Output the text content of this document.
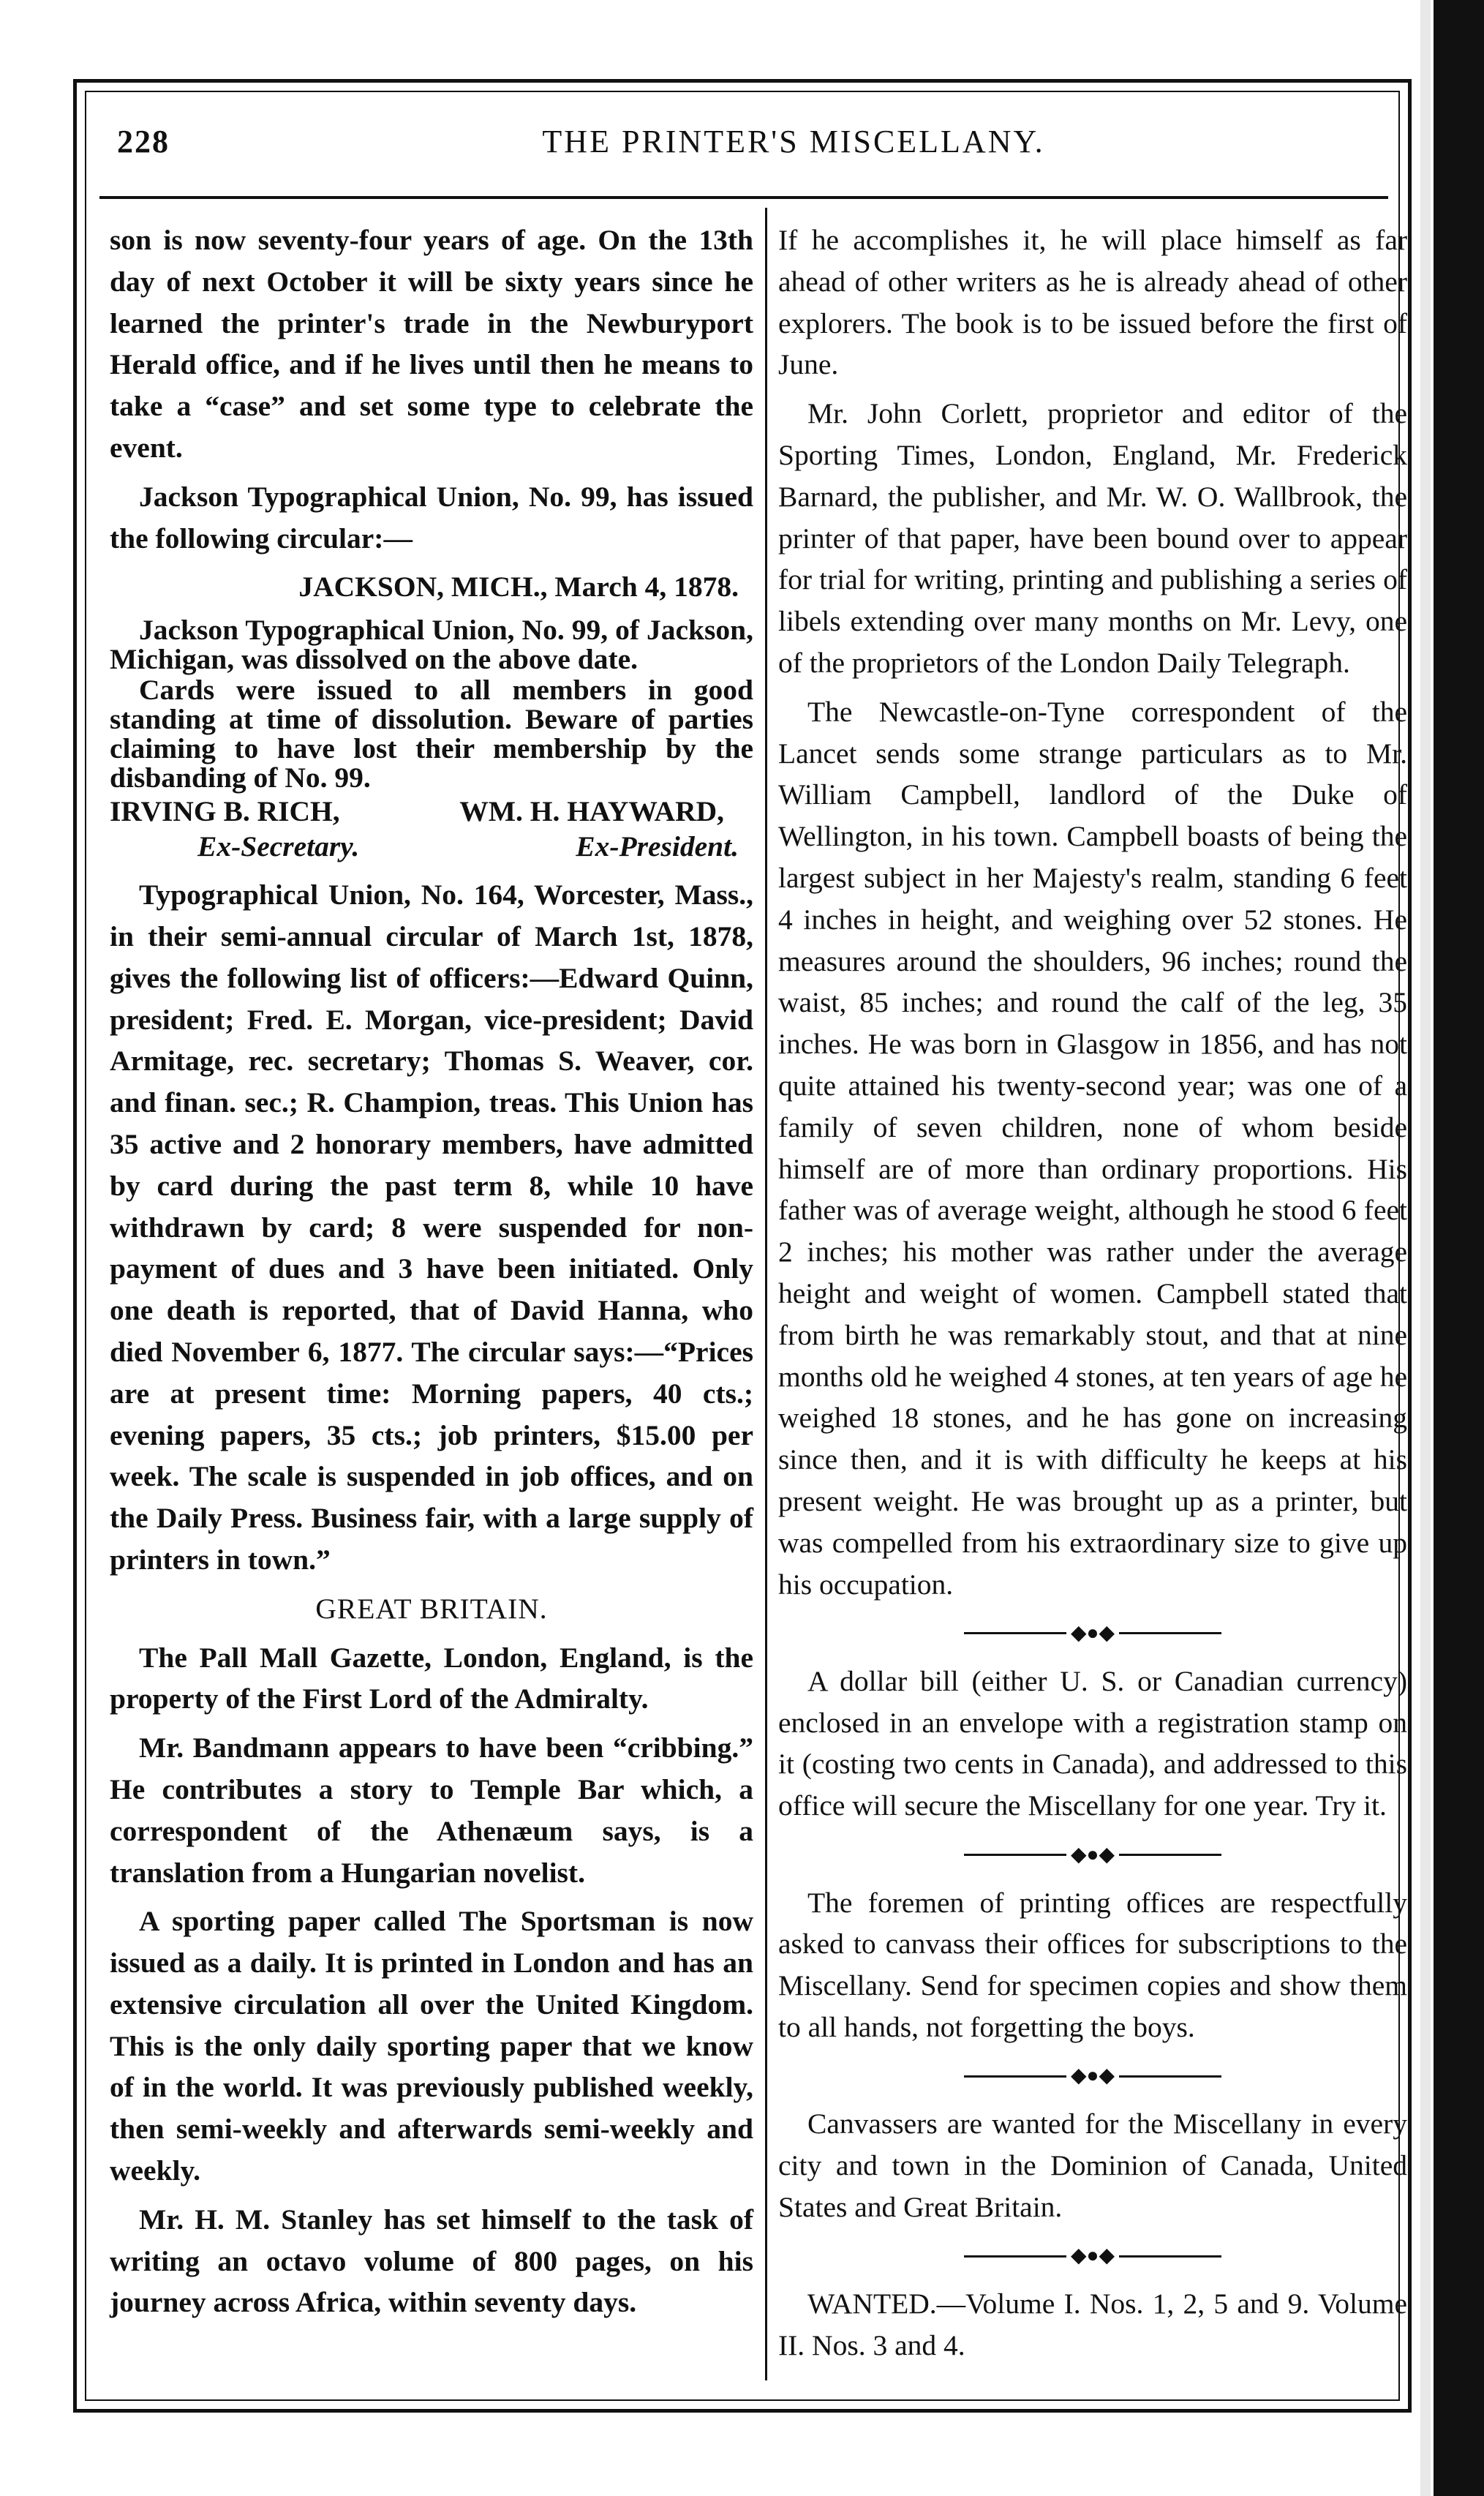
l
c
i
c
ii
228	THE PRINTER'S MISCELLANY.

son is now seventy-four years of age. On the 13th day of next October it will be sixty years since he learned the printer's trade in the Newburyport Herald office, and if he lives until then he means to take a “case” and set some type to celebrate the event.

Jackson Typographical Union, No. 99, has issued the following circular:—

JACKSON, MICH., March 4, 1878.

Jackson Typographical Union, No. 99, of Jackson, Michigan, was dissolved on the above date.

Cards were issued to all members in good standing at time of dissolution. Beware of parties claiming to have lost their membership by the disbanding of No. 99.

IRVING B. RICH,	WM. H. HAYWARD,
Ex-Secretary.	Ex-President.

Typographical Union, No. 164, Worcester, Mass., in their semi-annual circular of March 1st, 1878, gives the following list of officers:—Edward Quinn, president; Fred. E. Morgan, vice-president; David Armitage, rec. secretary; Thomas S. Weaver, cor. and finan. sec.; R. Champion, treas. This Union has 35 active and 2 honorary members, have admitted by card during the past term 8, while 10 have withdrawn by card; 8 were suspended for non-payment of dues and 3 have been initiated. Only one death is reported, that of David Hanna, who died November 6, 1877. The circular says:—“Prices are at present time: Morning papers, 40 cts.; evening papers, 35 cts.; job printers, $15.00 per week. The scale is suspended in job offices, and on the Daily Press. Business fair, with a large supply of printers in town.”

GREAT BRITAIN.

The Pall Mall Gazette, London, England, is the property of the First Lord of the Admiralty.

Mr. Bandmann appears to have been “cribbing.” He contributes a story to Temple Bar which, a correspondent of the Athenæum says, is a translation from a Hungarian novelist.

A sporting paper called The Sportsman is now issued as a daily. It is printed in London and has an extensive circulation all over the United Kingdom. This is the only daily sporting paper that we know of in the world. It was previously published weekly, then semi-weekly and afterwards semi-weekly and weekly.

Mr. H. M. Stanley has set himself to the task of writing an octavo volume of 800 pages, on his journey across Africa, within seventy days.

If he accomplishes it, he will place himself as far ahead of other writers as he is already ahead of other explorers. The book is to be issued before the first of June.

Mr. John Corlett, proprietor and editor of the Sporting Times, London, England, Mr. Frederick Barnard, the publisher, and Mr. W. O. Wallbrook, the printer of that paper, have been bound over to appear for trial for writing, printing and publishing a series of libels extending over many months on Mr. Levy, one of the proprietors of the London Daily Telegraph.

The Newcastle-on-Tyne correspondent of the Lancet sends some strange particulars as to Mr. William Campbell, landlord of the Duke of Wellington, in his town. Campbell boasts of being the largest subject in her Majesty's realm, standing 6 feet 4 inches in height, and weighing over 52 stones. He measures around the shoulders, 96 inches; round the waist, 85 inches; and round the calf of the leg, 35 inches. He was born in Glasgow in 1856, and has not quite attained his twenty-second year; was one of a family of seven children, none of whom beside himself are of more than ordinary proportions. His father was of average weight, although he stood 6 feet 2 inches; his mother was rather under the average height and weight of women. Campbell stated that from birth he was remarkably stout, and that at nine months old he weighed 4 stones, at ten years of age he weighed 18 stones, and he has gone on increasing since then, and it is with difficulty he keeps at his present weight. He was brought up as a printer, but was compelled from his extraordinary size to give up his occupation.

◆●◆

A dollar bill (either U. S. or Canadian currency) enclosed in an envelope with a registration stamp on it (costing two cents in Canada), and addressed to this office will secure the Miscellany for one year. Try it.

◆●◆

The foremen of printing offices are respectfully asked to canvass their offices for subscriptions to the Miscellany. Send for specimen copies and show them to all hands, not forgetting the boys.

◆●◆

Canvassers are wanted for the Miscellany in every city and town in the Dominion of Canada, United States and Great Britain.

◆●◆

WANTED.—Volume I. Nos. 1, 2, 5 and 9. Volume II. Nos. 3 and 4.
